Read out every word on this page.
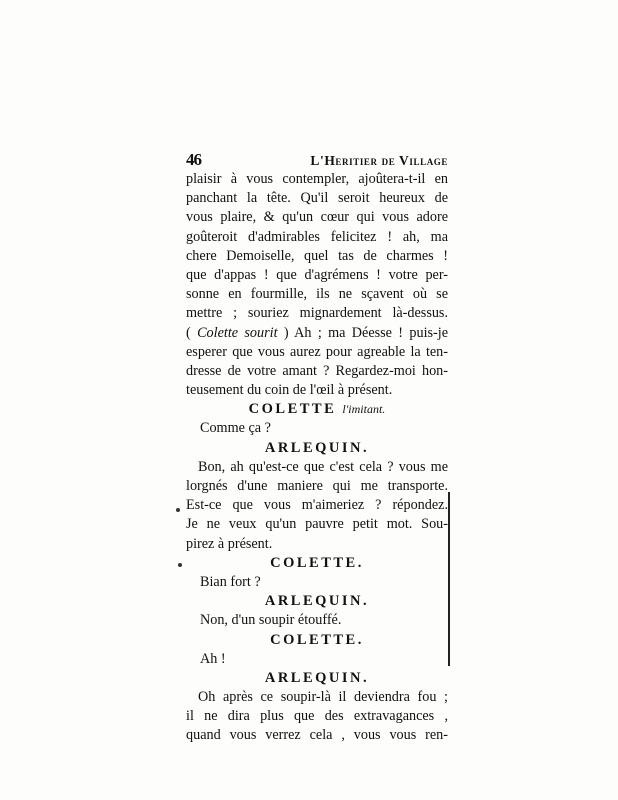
46	L'Heritier de Village
plaisir à vous contempler, ajoûtera-t-il en
panchant la tête. Qu'il seroit heureux de
vous plaire, & qu'un cœur qui vous adore
goûteroit d'admirables felicitez ! ah, ma
chere Demoiselle, quel tas de charmes !
que d'appas ! que d'agrémens ! votre per-
sonne en fourmille, ils ne sçavent où se
mettre ; souriez mignardement là-dessus.
( Colette sourit ) Ah ; ma Déesse ! puis-je
esperer que vous aurez pour agreable la ten-
dresse de votre amant ? Regardez-moi hon-
teusement du coin de l'œil à présent.
COLETTE l'imitant.
Comme ça ?
ARLEQUIN.
Bon, ah qu'est-ce que c'est cela ? vous me
lorgnés d'une maniere qui me transporte.
Est-ce que vous m'aimeriez ? répondez.
Je ne veux qu'un pauvre petit mot. Sou-
pirez à présent.
COLETTE.
Bian fort ?
ARLEQUIN.
Non, d'un soupir étouffé.
COLETTE.
Ah !
ARLEQUIN.
Oh après ce soupir-là il deviendra fou ;
il ne dira plus que des extravagances ,
quand vous verrez cela , vous vous ren-
